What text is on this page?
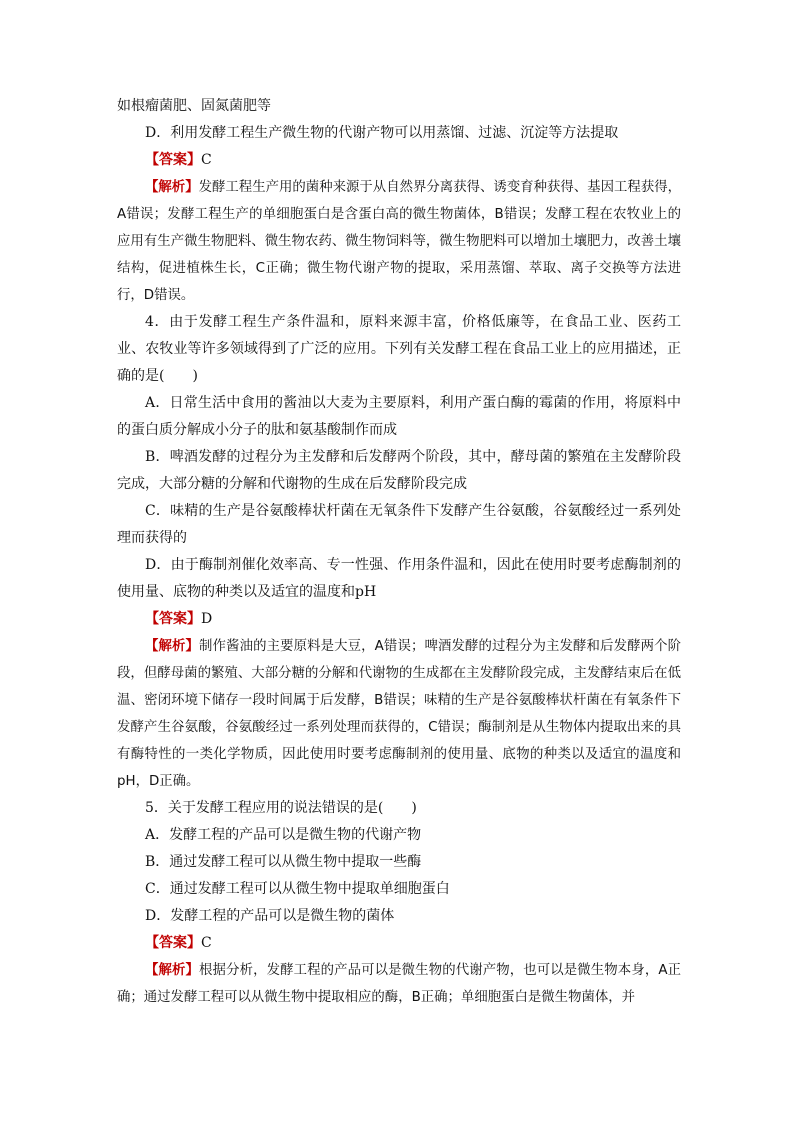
如根瘤菌肥、固氮菌肥等

D．利用发酵工程生产微生物的代谢产物可以用蒸馏、过滤、沉淀等方法提取

【答案】C

【解析】发酵工程生产用的菌种来源于从自然界分离获得、诱变育种获得、基因工程获得，A错误；发酵工程生产的单细胞蛋白是含蛋白高的微生物菌体，B错误；发酵工程在农牧业上的应用有生产微生物肥料、微生物农药、微生物饲料等，微生物肥料可以增加土壤肥力，改善土壤结构，促进植株生长，C正确；微生物代谢产物的提取，采用蒸馏、萃取、离子交换等方法进行，D错误。

4．由于发酵工程生产条件温和，原料来源丰富，价格低廉等，在食品工业、医药工业、农牧业等许多领域得到了广泛的应用。下列有关发酵工程在食品工业上的应用描述，正确的是(　　)

A．日常生活中食用的酱油以大麦为主要原料，利用产蛋白酶的霉菌的作用，将原料中的蛋白质分解成小分子的肽和氨基酸制作而成

B．啤酒发酵的过程分为主发酵和后发酵两个阶段，其中，酵母菌的繁殖在主发酵阶段完成，大部分糖的分解和代谢物的生成在后发酵阶段完成

C．味精的生产是谷氨酸棒状杆菌在无氧条件下发酵产生谷氨酸，谷氨酸经过一系列处理而获得的

D．由于酶制剂催化效率高、专一性强、作用条件温和，因此在使用时要考虑酶制剂的使用量、底物的种类以及适宜的温度和pH

【答案】D

【解析】制作酱油的主要原料是大豆，A错误；啤酒发酵的过程分为主发酵和后发酵两个阶段，但酵母菌的繁殖、大部分糖的分解和代谢物的生成都在主发酵阶段完成，主发酵结束后在低温、密闭环境下储存一段时间属于后发酵，B错误；味精的生产是谷氨酸棒状杆菌在有氧条件下发酵产生谷氨酸，谷氨酸经过一系列处理而获得的，C错误；酶制剂是从生物体内提取出来的具有酶特性的一类化学物质，因此使用时要考虑酶制剂的使用量、底物的种类以及适宜的温度和pH，D正确。

5．关于发酵工程应用的说法错误的是(　　)

A．发酵工程的产品可以是微生物的代谢产物

B．通过发酵工程可以从微生物中提取一些酶

C．通过发酵工程可以从微生物中提取单细胞蛋白

D．发酵工程的产品可以是微生物的菌体

【答案】C

【解析】根据分析，发酵工程的产品可以是微生物的代谢产物，也可以是微生物本身，A正确；通过发酵工程可以从微生物中提取相应的酶，B正确；单细胞蛋白是微生物菌体，并
